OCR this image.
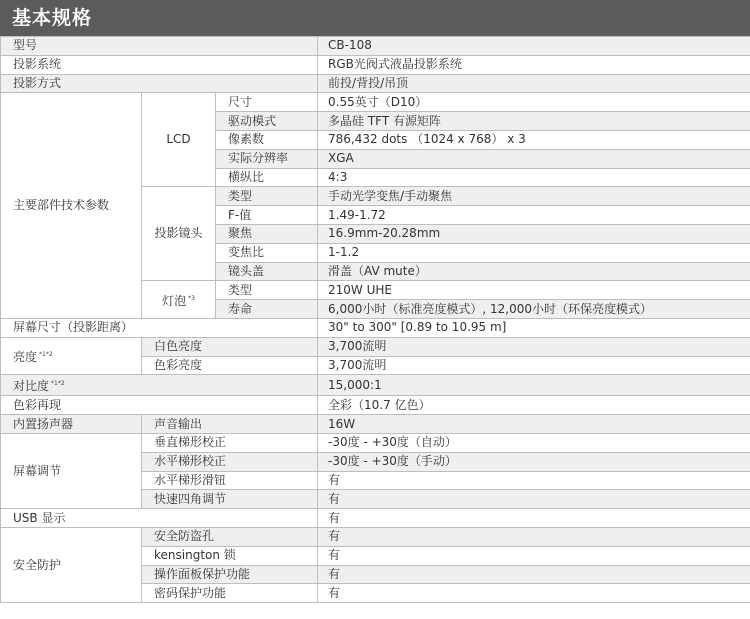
基本规格
型号			CB-108
投影系统			RGB光阀式液晶投影系统
投影方式			前投/背投/吊顶
主要部件技术参数	LCD	尺寸	0.55英寸（D10）
		驱动模式	多晶硅 TFT 有源矩阵
		像素数	786,432 dots （1024 x 768） x 3
		实际分辨率	XGA
		横纵比	4:3
	投影镜头	类型	手动光学变焦/手动聚焦
		F-值	1.49-1.72
		聚焦	16.9mm-20.28mm
		变焦比	1-1.2
		镜头盖	滑盖（AV mute）
	灯泡 $^{*3}$	类型	210W UHE
		寿命	6,000小时（标准亮度模式）, 12,000小时（环保亮度模式）
屏幕尺寸（投影距离）			30" to 300" [0.89 to 10.95 m]
亮度 $^{*1*2}$	白色亮度		3,700流明
	色彩亮度		3,700流明
对比度 $^{*1*2}$			15,000:1
色彩再现			全彩（10.7 亿色）
内置扬声器	声音输出		16W
屏幕调节	垂直梯形校正		-30度 - +30度（自动）
	水平梯形校正		-30度 - +30度（手动）
	水平梯形滑钮		有
	快速四角调节		有
USB 显示			有
安全防护	安全防盗孔		有
	kensington 锁		有
	操作面板保护功能		有
	密码保护功能		有
